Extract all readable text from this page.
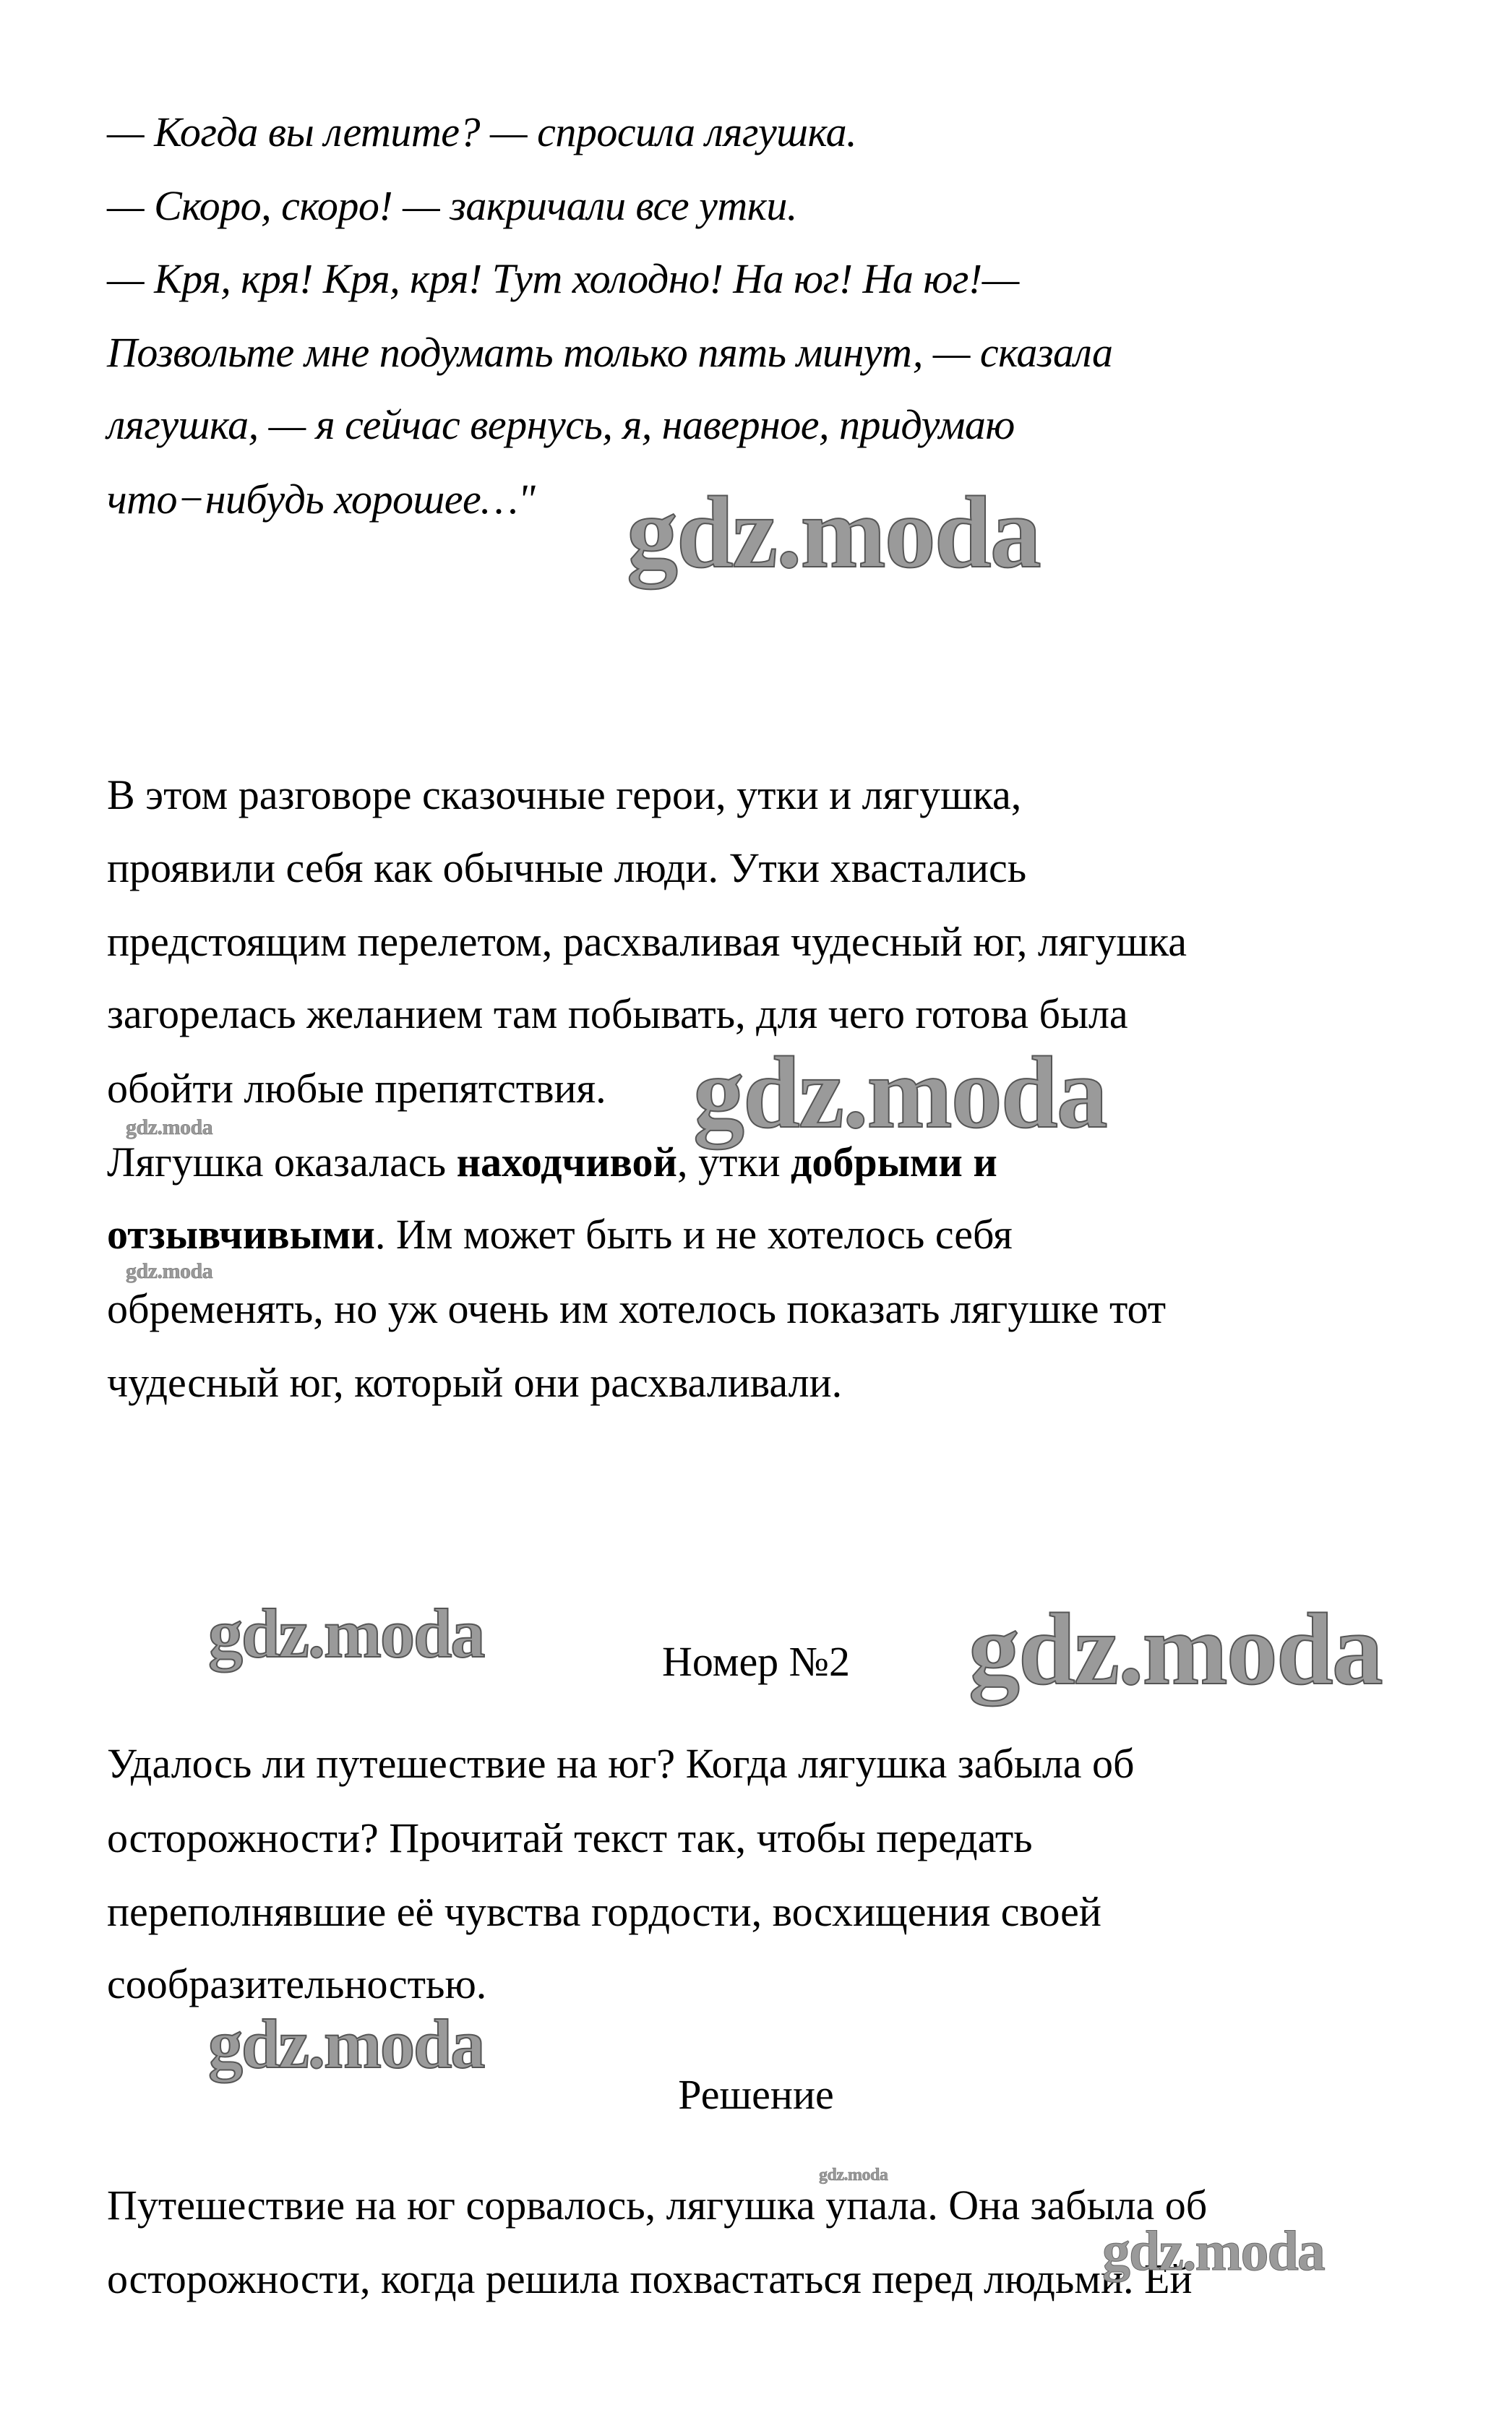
— Когда вы летите? — спросила лягушка.
— Скоро, скоро! — закричали все утки.
— Кря, кря! Кря, кря! Тут холодно! На юг! На юг!—
Позвольте мне подумать только пять минут, — сказала
лягушка, — я сейчас вернусь, я, наверное, придумаю
что−нибудь хорошее…"
В этом разговоре сказочные герои, утки и лягушка,
проявили себя как обычные люди. Утки хвастались
предстоящим перелетом, расхваливая чудесный юг, лягушка
загорелась желанием там побывать, для чего готова была
обойти любые препятствия.
Лягушка оказалась находчивой, утки добрыми и
отзывчивыми. Им может быть и не хотелось себя
обременять, но уж очень им хотелось показать лягушке тот
чудесный юг, который они расхваливали.
Номер №2
Удалось ли путешествие на юг? Когда лягушка забыла об
осторожности? Прочитай текст так, чтобы передать
переполнявшие её чувства гордости, восхищения своей
сообразительностью.
Решение
Путешествие на юг сорвалось, лягушка упала. Она забыла об
осторожности, когда решила похвастаться перед людьми. Ей
gdz.moda
gdz.moda
gdz.moda
gdz.moda
gdz.moda	gdz.moda
gdz.moda
gdz.moda
gdz.moda
